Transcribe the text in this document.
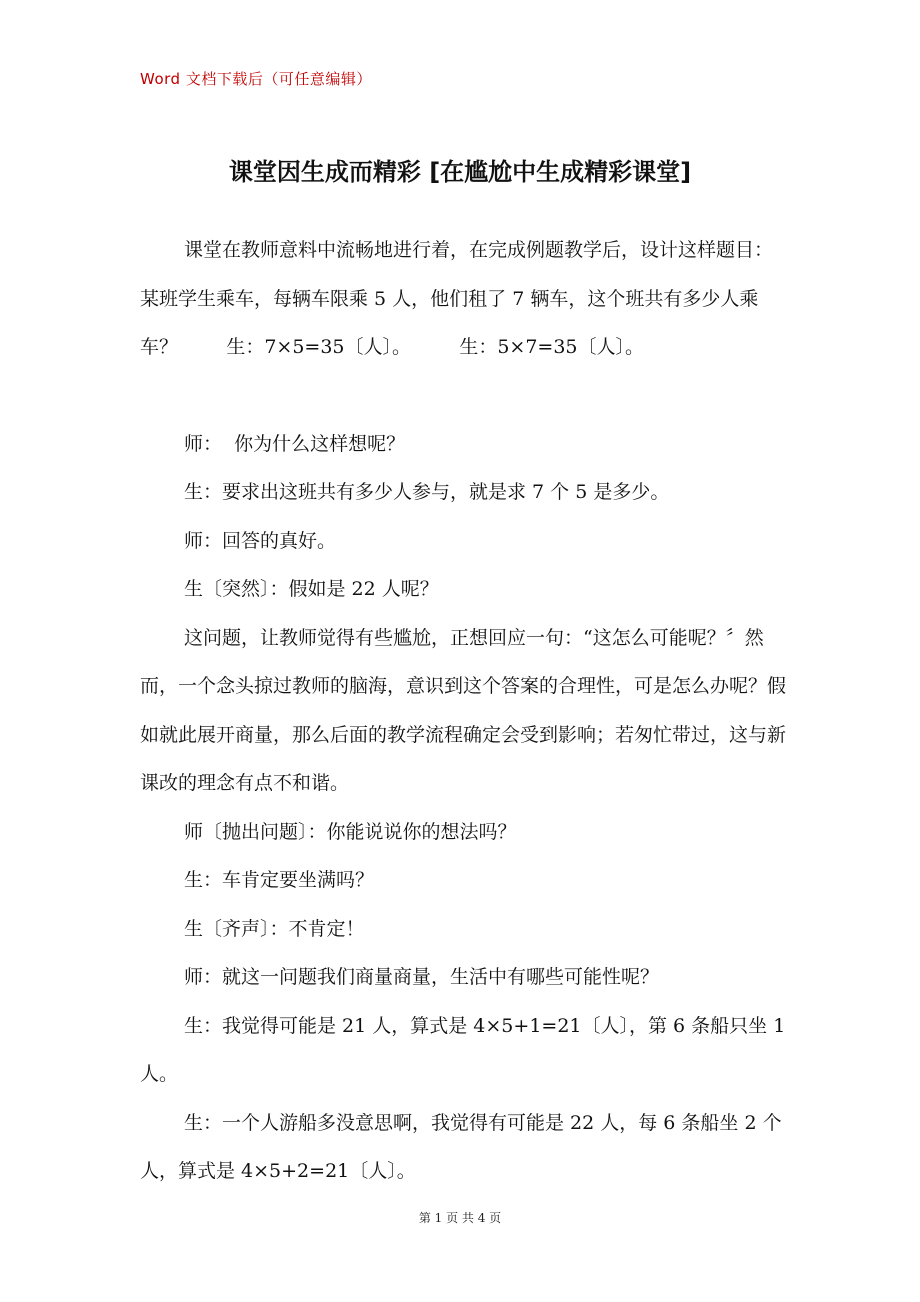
Word 文档下载后（可任意编辑）
课堂因生成而精彩 [在尴尬中生成精彩课堂]

课堂在教师意料中流畅地进行着，在完成例题教学后，设计这样题目：某班学生乘车，每辆车限乘 5 人，他们租了 7 辆车，这个班共有多少人乘车？        生：7×5=35〔人〕。        生：5×7=35〔人〕。

师：  你为什么这样想呢？

生：要求出这班共有多少人参与，就是求 7 个 5 是多少。

师：回答的真好。

生〔突然〕：假如是 22 人呢？

这问题，让教师觉得有些尴尬，正想回应一句：“这怎么可能呢？〞然而，一个念头掠过教师的脑海，意识到这个答案的合理性，可是怎么办呢？假如就此展开商量，那么后面的教学流程确定会受到影响；若匆忙带过，这与新课改的理念有点不和谐。

师〔抛出问题〕：你能说说你的想法吗？

生：车肯定要坐满吗？

生〔齐声〕：不肯定！

师：就这一问题我们商量商量，生活中有哪些可能性呢？

生：我觉得可能是 21 人，算式是 4×5+1=21〔人〕，第 6 条船只坐 1 人。

生：一个人游船多没意思啊，我觉得有可能是 22 人，每 6 条船坐 2 个人，算式是 4×5+2=21〔人〕。

第 1 页 共 4 页
